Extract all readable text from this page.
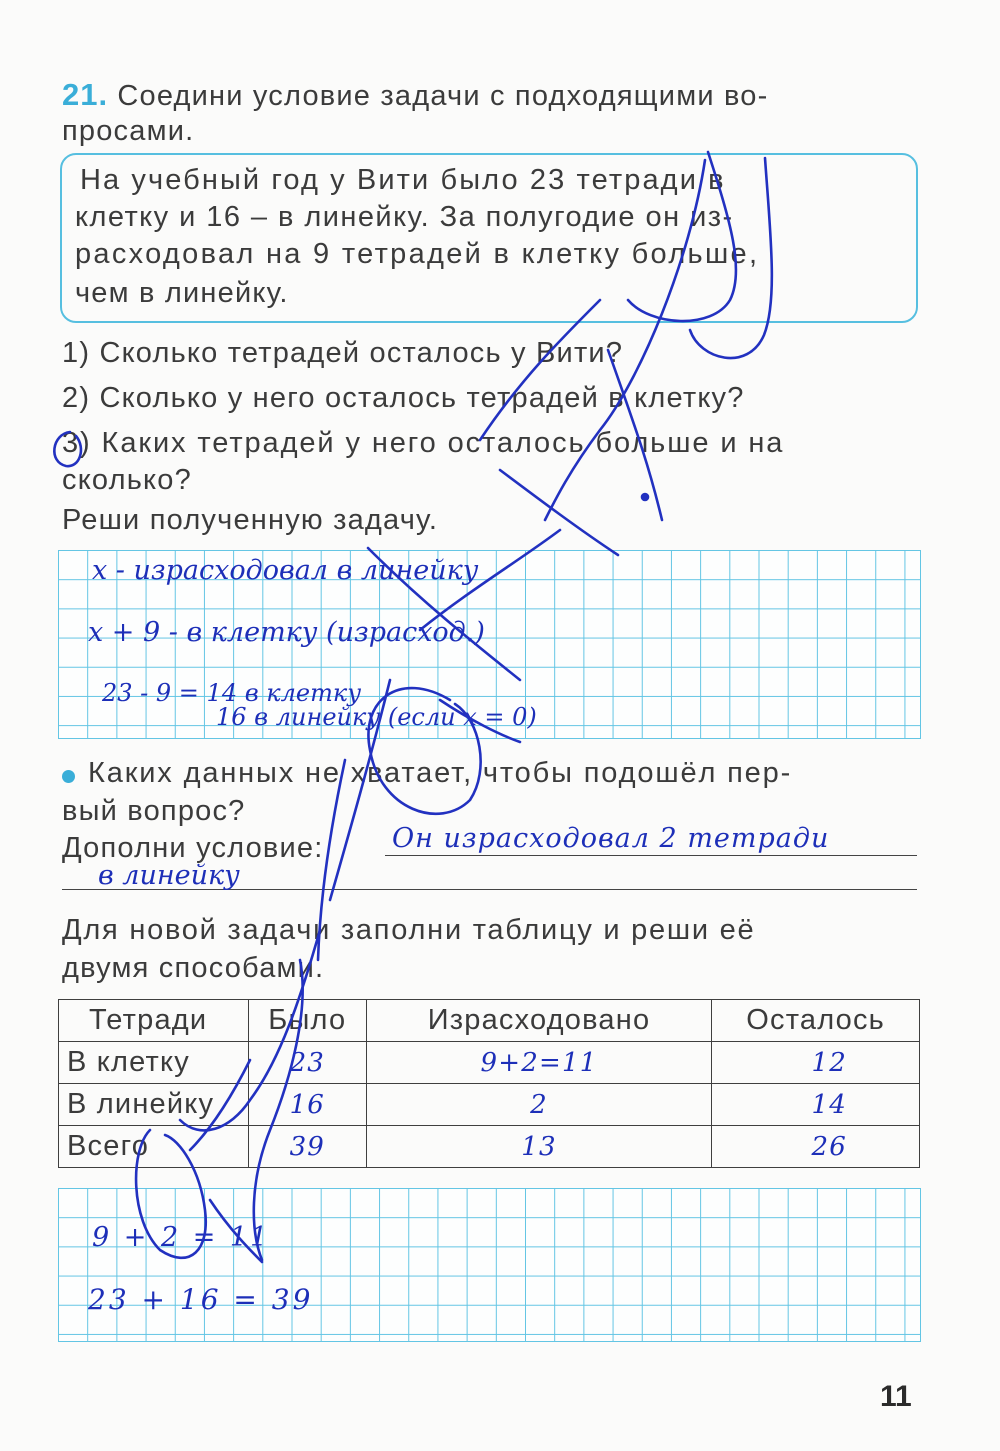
21. Соедини условие задачи с подходящими во-
просами.
На учебный год у Вити было 23 тетради в
клетку и 16 – в линейку. За полугодие он из-
расходовал на 9 тетрадей в клетку больше,
чем в линейку.
1) Сколько тетрадей осталось у Вити?
2) Сколько у него осталось тетрадей в клетку?
3) Каких тетрадей у него осталось больше и на
сколько?
Реши полученную задачу.
x - израсходовал в линейку
x + 9 - в клетку (израсход.)
23 - 9 = 14 в клетку
16 в линейку (если x = 0)
Каких данных не хватает, чтобы подошёл пер-
вый вопрос?
Дополни условие:	Он израсходовал 2 тетради
в линейку
Для новой задачи заполни таблицу и реши её
двумя способами.
Тетради	Было	Израсходовано	Осталось
В клетку	23	9+2=11	12
В линейку	16	2	14
Всего	39	13	26
9 + 2 = 11
23 + 16 = 39
11
